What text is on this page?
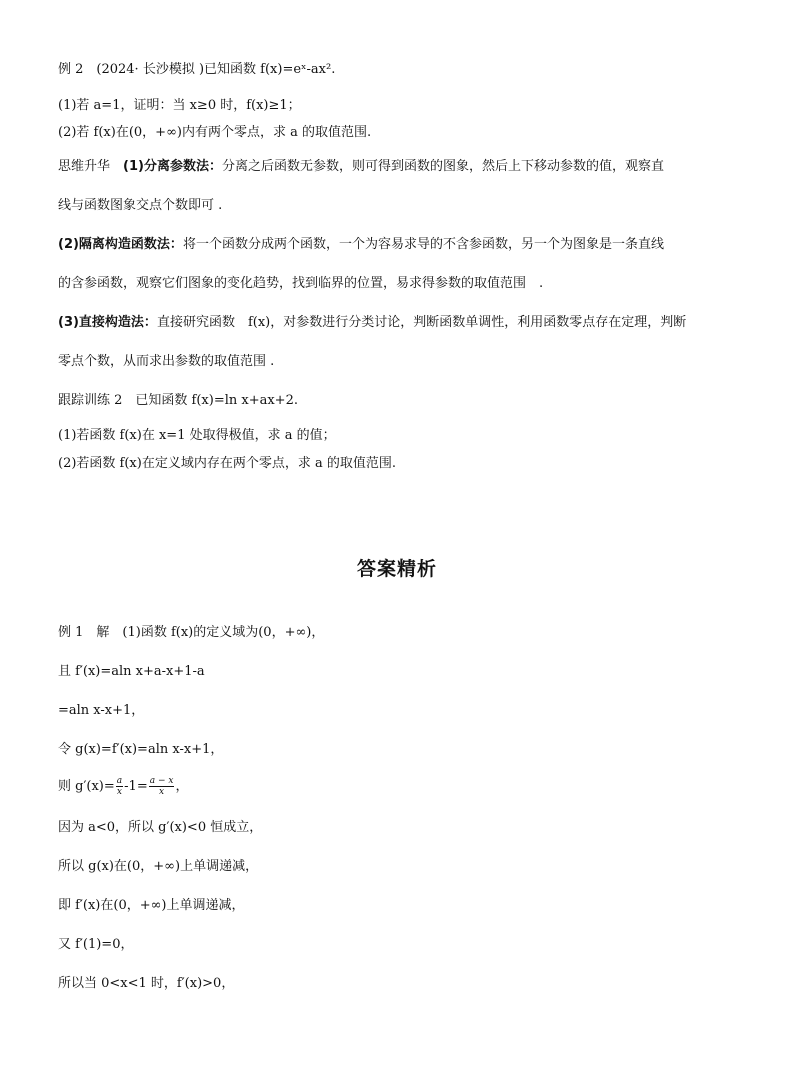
例 2　(2024· 长沙模拟 )已知函数 f(x)=eˣ-ax².
(1)若 a=1，证明：当 x≥0 时，f(x)≥1；
(2)若 f(x)在(0，+∞)内有两个零点，求 a 的取值范围.
思维升华　(1)分离参数法：分离之后函数无参数，则可得到函数的图象，然后上下移动参数的值，观察直
线与函数图象交点个数即可 .
(2)隔离构造函数法：将一个函数分成两个函数，一个为容易求导的不含参函数，另一个为图象是一条直线
的含参函数，观察它们图象的变化趋势，找到临界的位置，易求得参数的取值范围　.
(3)直接构造法：直接研究函数　f(x)，对参数进行分类讨论，判断函数单调性，利用函数零点存在定理，判断
零点个数，从而求出参数的取值范围 .
跟踪训练 2　已知函数 f(x)=ln x+ax+2.
(1)若函数 f(x)在 x=1 处取得极值，求 a 的值；
(2)若函数 f(x)在定义域内存在两个零点，求 a 的取值范围.
答案精析
例 1　解　(1)函数 f(x)的定义域为(0，+∞)，
且 f′(x)=aln x+a-x+1-a
=aln x-x+1，
令 g(x)=f′(x)=aln x-x+1，
则 $g'(x)= \frac{a}{x} -1= \frac{a - x}{x}$ ，
因为 a<0，所以 g′(x)<0 恒成立，
所以 g(x)在(0，+∞)上单调递减，
即 f′(x)在(0，+∞)上单调递减，
又 f′(1)=0，
所以当 0<x<1 时，f′(x)>0，
